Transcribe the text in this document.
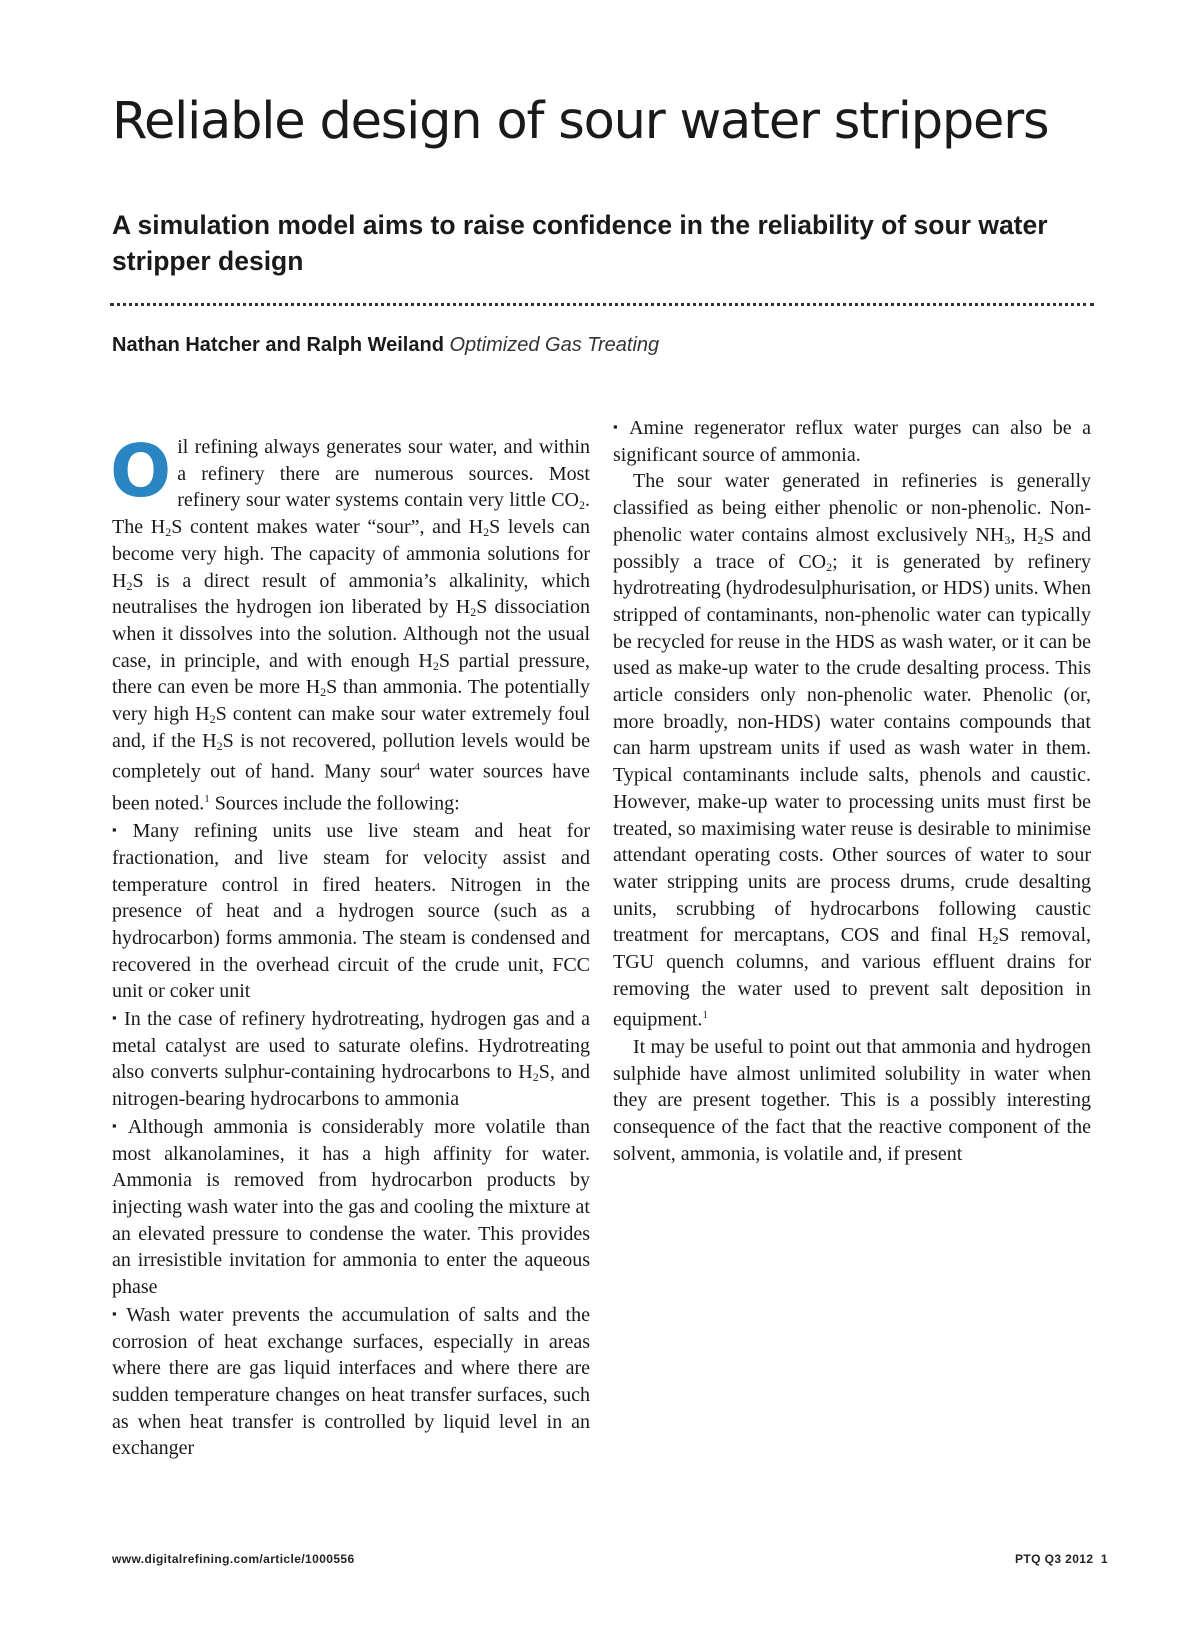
Reliable design of sour water strippers
A simulation model aims to raise confidence in the reliability of sour water stripper design
Nathan Hatcher and Ralph Weiland Optimized Gas Treating

Oil refining always generates sour water, and within a refinery there are numerous sources. Most refinery sour water systems contain very little $CO_2$. The $H_2S$ content makes water “sour”, and $H_2S$ levels can become very high. The capacity of ammonia solutions for $H_2S$ is a direct result of ammonia’s alkalinity, which neutralises the hydrogen ion liberated by $H_2S$ dissociation when it dissolves into the solution. Although not the usual case, in principle, and with enough $H_2S$ partial pressure, there can even be more $H_2S$ than ammonia. The potentially very high $H_2S$ content can make sour water extremely foul and, if the $H_2S$ is not recovered, pollution levels would be completely out of hand. Many sour$^4$ water sources have been noted.$^1$ Sources include the following:

▪ Many refining units use live steam and heat for fractionation, and live steam for velocity assist and temperature control in fired heaters. Nitrogen in the presence of heat and a hydrogen source (such as a hydrocarbon) forms ammonia. The steam is condensed and recovered in the overhead circuit of the crude unit, FCC unit or coker unit

▪ In the case of refinery hydrotreating, hydrogen gas and a metal catalyst are used to saturate olefins. Hydrotreating also converts sulphur-containing hydrocarbons to $H_2S$, and nitrogen-bearing hydrocarbons to ammonia

▪ Although ammonia is considerably more volatile than most alkanolamines, it has a high affinity for water. Ammonia is removed from hydrocarbon products by injecting wash water into the gas and cooling the mixture at an elevated pressure to condense the water. This provides an irresistible invitation for ammonia to enter the aqueous phase

▪ Wash water prevents the accumulation of salts and the corrosion of heat exchange surfaces, especially in areas where there are gas liquid interfaces and where there are sudden temperature changes on heat transfer surfaces, such as when heat transfer is controlled by liquid level in an exchanger

▪ Amine regenerator reflux water purges can also be a significant source of ammonia.

The sour water generated in refineries is generally classified as being either phenolic or non-phenolic. Non-phenolic water contains almost exclusively $NH_3$, $H_2S$ and possibly a trace of $CO_2$; it is generated by refinery hydrotreating (hydrodesulphurisation, or HDS) units. When stripped of contaminants, non-phenolic water can typically be recycled for reuse in the HDS as wash water, or it can be used as make-up water to the crude desalting process. This article considers only non-phenolic water. Phenolic (or, more broadly, non-HDS) water contains compounds that can harm upstream units if used as wash water in them. Typical contaminants include salts, phenols and caustic. However, make-up water to processing units must first be treated, so maximising water reuse is desirable to minimise attendant operating costs. Other sources of water to sour water stripping units are process drums, crude desalting units, scrubbing of hydrocarbons following caustic treatment for mercaptans, COS and final $H_2S$ removal, TGU quench columns, and various effluent drains for removing the water used to prevent salt deposition in equipment.$^1$

It may be useful to point out that ammonia and hydrogen sulphide have almost unlimited solubility in water when they are present together. This is a possibly interesting consequence of the fact that the reactive component of the solvent, ammonia, is volatile and, if present

www.digitalrefining.com/article/1000556	PTQ Q3 2012 1
